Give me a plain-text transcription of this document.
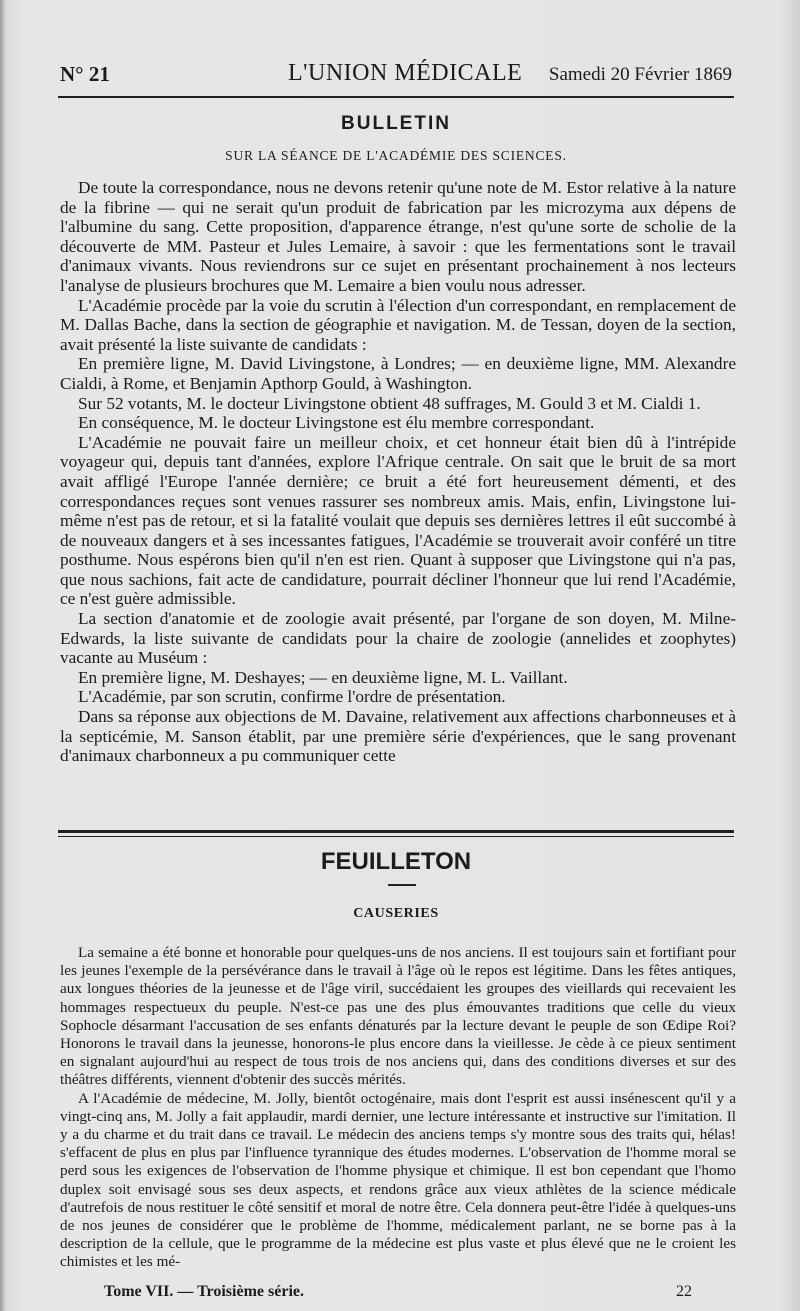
N° 21	L'UNION MÉDICALE Samedi 20 Février 1869
BULLETIN
SUR LA SÉANCE DE L'ACADÉMIE DES SCIENCES.

De toute la correspondance, nous ne devons retenir qu'une note de M. Estor relative à la nature de la fibrine — qui ne serait qu'un produit de fabrication par les microzyma aux dépens de l'albumine du sang. Cette proposition, d'apparence étrange, n'est qu'une sorte de scholie de la découverte de MM. Pasteur et Jules Lemaire, à savoir : que les fermentations sont le travail d'animaux vivants. Nous reviendrons sur ce sujet en présentant prochainement à nos lecteurs l'analyse de plusieurs brochures que M. Lemaire a bien voulu nous adresser.

L'Académie procède par la voie du scrutin à l'élection d'un correspondant, en remplacement de M. Dallas Bache, dans la section de géographie et navigation. M. de Tessan, doyen de la section, avait présenté la liste suivante de candidats :

En première ligne, M. David Livingstone, à Londres; — en deuxième ligne, MM. Alexandre Cialdi, à Rome, et Benjamin Apthorp Gould, à Washington.

Sur 52 votants, M. le docteur Livingstone obtient 48 suffrages, M. Gould 3 et M. Cialdi 1.

En conséquence, M. le docteur Livingstone est élu membre correspondant.

L'Académie ne pouvait faire un meilleur choix, et cet honneur était bien dû à l'intrépide voyageur qui, depuis tant d'années, explore l'Afrique centrale. On sait que le bruit de sa mort avait affligé l'Europe l'année dernière; ce bruit a été fort heureusement démenti, et des correspondances reçues sont venues rassurer ses nombreux amis. Mais, enfin, Livingstone lui-même n'est pas de retour, et si la fatalité voulait que depuis ses dernières lettres il eût succombé à de nouveaux dangers et à ses incessantes fatigues, l'Académie se trouverait avoir conféré un titre posthume. Nous espérons bien qu'il n'en est rien. Quant à supposer que Livingstone qui n'a pas, que nous sachions, fait acte de candidature, pourrait décliner l'honneur que lui rend l'Académie, ce n'est guère admissible.

La section d'anatomie et de zoologie avait présenté, par l'organe de son doyen, M. Milne-Edwards, la liste suivante de candidats pour la chaire de zoologie (annelides et zoophytes) vacante au Muséum :

En première ligne, M. Deshayes; — en deuxième ligne, M. L. Vaillant.

L'Académie, par son scrutin, confirme l'ordre de présentation.

Dans sa réponse aux objections de M. Davaine, relativement aux affections charbonneuses et à la septicémie, M. Sanson établit, par une première série d'expériences, que le sang provenant d'animaux charbonneux a pu communiquer cette

FEUILLETON
CAUSERIES

La semaine a été bonne et honorable pour quelques-uns de nos anciens. Il est toujours sain et fortifiant pour les jeunes l'exemple de la persévérance dans le travail à l'âge où le repos est légitime. Dans les fêtes antiques, aux longues théories de la jeunesse et de l'âge viril, succédaient les groupes des vieillards qui recevaient les hommages respectueux du peuple. N'est-ce pas une des plus émouvantes traditions que celle du vieux Sophocle désarmant l'accusation de ses enfants dénaturés par la lecture devant le peuple de son Œdipe Roi? Honorons le travail dans la jeunesse, honorons-le plus encore dans la vieillesse. Je cède à ce pieux sentiment en signalant aujourd'hui au respect de tous trois de nos anciens qui, dans des conditions diverses et sur des théâtres différents, viennent d'obtenir des succès mérités.

A l'Académie de médecine, M. Jolly, bientôt octogénaire, mais dont l'esprit est aussi insénescent qu'il y a vingt-cinq ans, M. Jolly a fait applaudir, mardi dernier, une lecture intéressante et instructive sur l'imitation. Il y a du charme et du trait dans ce travail. Le médecin des anciens temps s'y montre sous des traits qui, hélas! s'effacent de plus en plus par l'influence tyrannique des études modernes. L'observation de l'homme moral se perd sous les exigences de l'observation de l'homme physique et chimique. Il est bon cependant que l'homo duplex soit envisagé sous ses deux aspects, et rendons grâce aux vieux athlètes de la science médicale d'autrefois de nous restituer le côté sensitif et moral de notre être. Cela donnera peut-être l'idée à quelques-uns de nos jeunes de considérer que le problème de l'homme, médicalement parlant, ne se borne pas à la description de la cellule, que le programme de la médecine est plus vaste et plus élevé que ne le croient les chimistes et les mé-

Tome VII. — Troisième série.	22
